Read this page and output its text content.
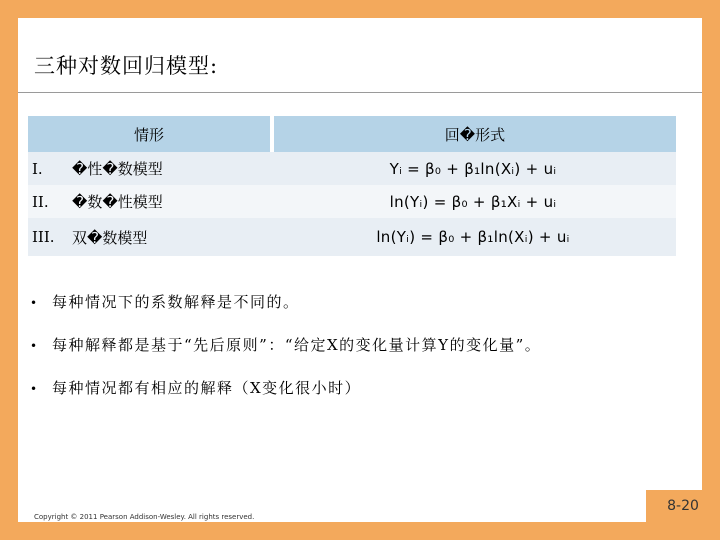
三种对数回归模型:
情形	回�形式
I.	�性�数模型	Yᵢ = β₀ + β₁ln(Xᵢ) + uᵢ
II.	�数�性模型	ln(Yᵢ) = β₀ + β₁Xᵢ + uᵢ
III.	双�数模型	ln(Yᵢ) = β₀ + β₁ln(Xᵢ) + uᵢ
• 每种情况下的系数解释是不同的。
• 每种解释都是基于“先后原则”：“给定X的变化量计算Y的变化量”。
• 每种情况都有相应的解释（X变化很小时）
Copyright © 2011 Pearson Addison-Wesley. All rights reserved.
8-20
